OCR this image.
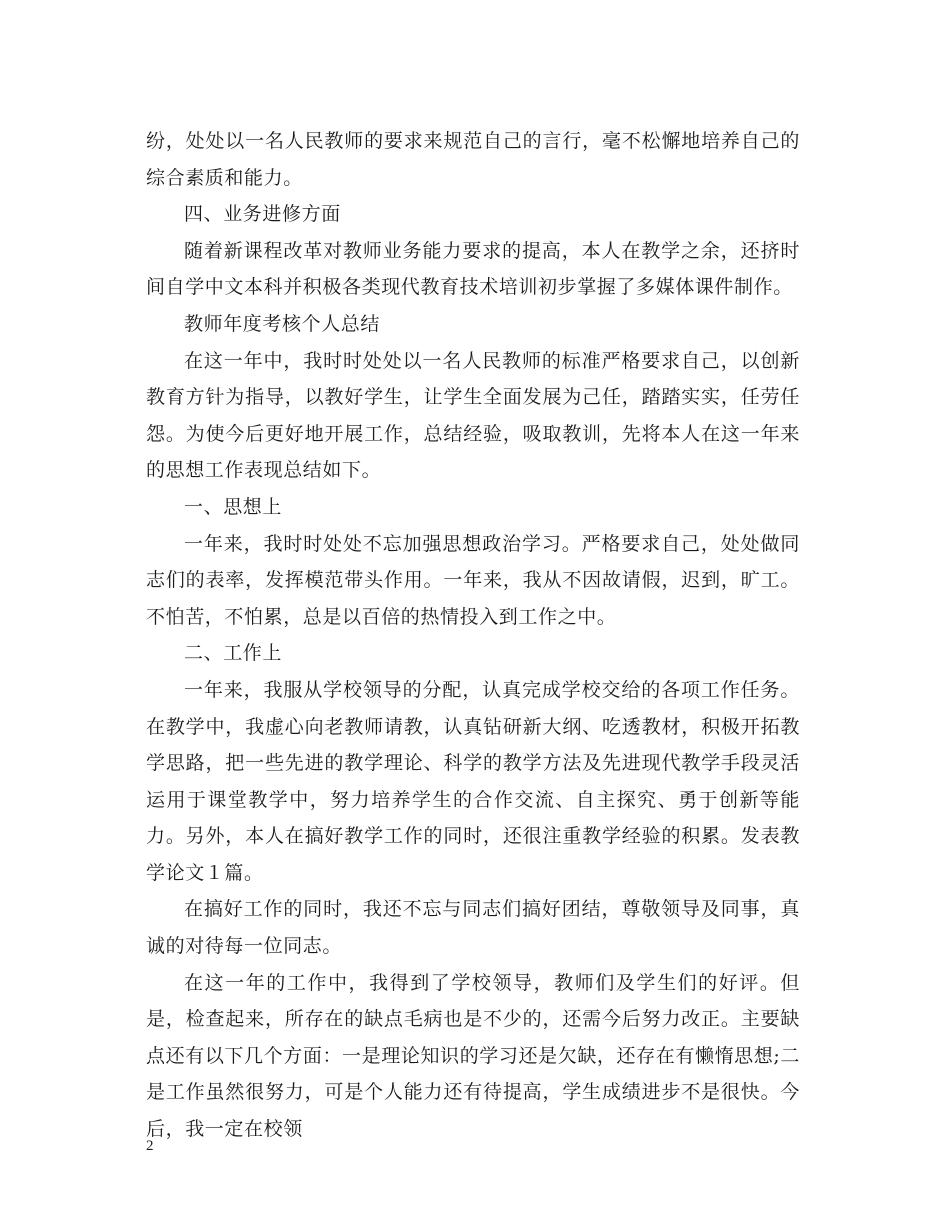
纷，处处以一名人民教师的要求来规范自己的言行，毫不松懈地培养自己的综合素质和能力。

四、业务进修方面

随着新课程改革对教师业务能力要求的提高，本人在教学之余，还挤时间自学中文本科并积极各类现代教育技术培训初步掌握了多媒体课件制作。

教师年度考核个人总结

在这一年中，我时时处处以一名人民教师的标准严格要求自己，以创新教育方针为指导，以教好学生，让学生全面发展为己任，踏踏实实，任劳任怨。为使今后更好地开展工作，总结经验，吸取教训，先将本人在这一年来的思想工作表现总结如下。

一、思想上

一年来，我时时处处不忘加强思想政治学习。严格要求自己，处处做同志们的表率，发挥模范带头作用。一年来，我从不因故请假，迟到，旷工。不怕苦，不怕累，总是以百倍的热情投入到工作之中。

二、工作上

一年来，我服从学校领导的分配，认真完成学校交给的各项工作任务。在教学中，我虚心向老教师请教，认真钻研新大纲、吃透教材，积极开拓教学思路，把一些先进的教学理论、科学的教学方法及先进现代教学手段灵活运用于课堂教学中，努力培养学生的合作交流、自主探究、勇于创新等能力。另外，本人在搞好教学工作的同时，还很注重教学经验的积累。发表教学论文１篇。

在搞好工作的同时，我还不忘与同志们搞好团结，尊敬领导及同事，真诚的对待每一位同志。

在这一年的工作中，我得到了学校领导，教师们及学生们的好评。但是，检查起来，所存在的缺点毛病也是不少的，还需今后努力改正。主要缺点还有以下几个方面：一是理论知识的学习还是欠缺，还存在有懒惰思想;二是工作虽然很努力，可是个人能力还有待提高，学生成绩进步不是很快。今后，我一定在校领

2
